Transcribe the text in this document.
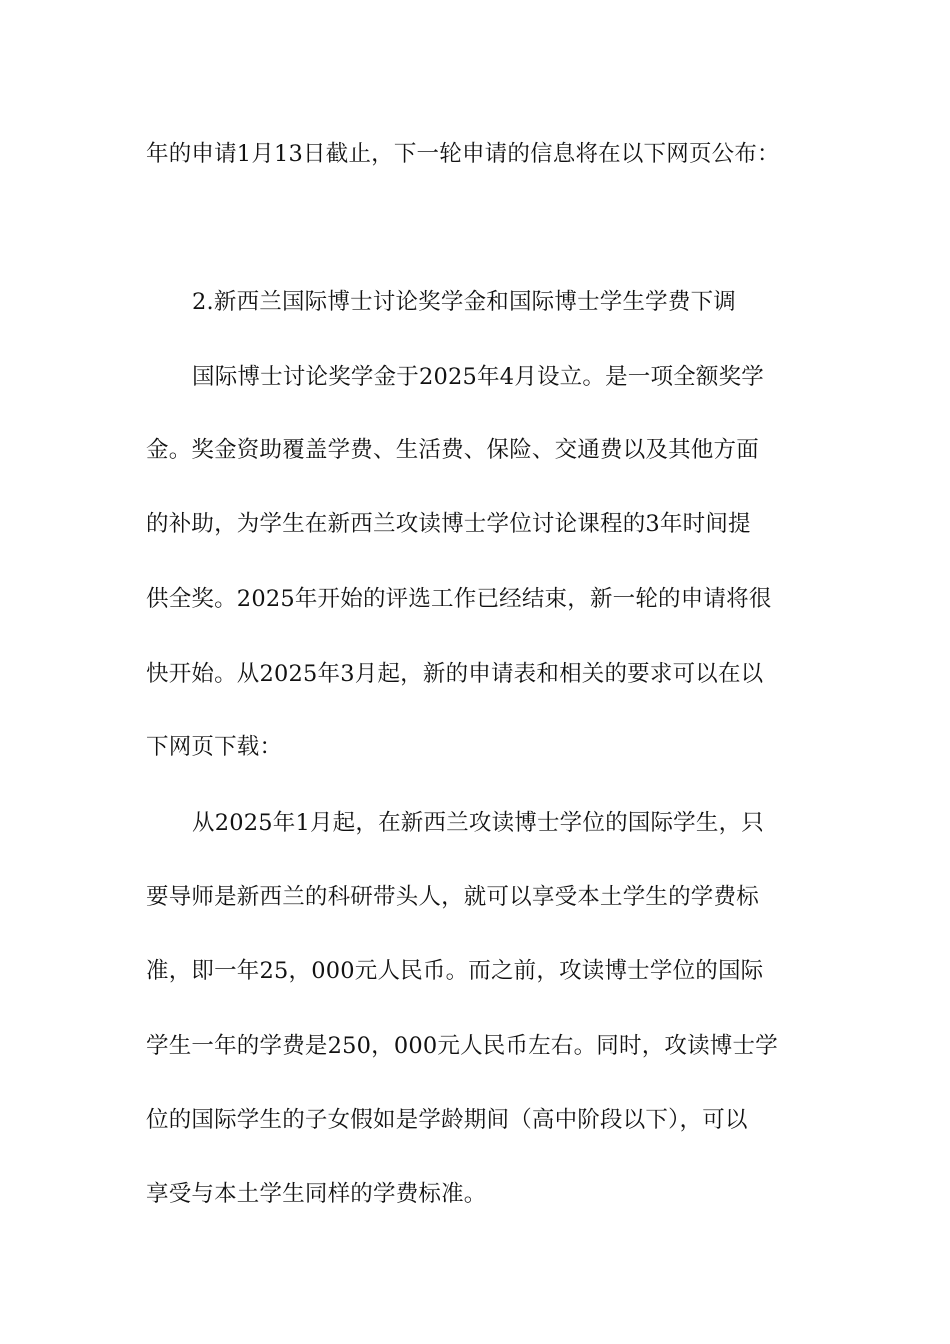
年的申请1月13日截止，下一轮申请的信息将在以下网页公布：
2.新西兰国际博士讨论奖学金和国际博士学生学费下调
国际博士讨论奖学金于2025年4月设立。是一项全额奖学
金。奖金资助覆盖学费、生活费、保险、交通费以及其他方面
的补助，为学生在新西兰攻读博士学位讨论课程的3年时间提
供全奖。2025年开始的评选工作已经结束，新一轮的申请将很
快开始。从2025年3月起，新的申请表和相关的要求可以在以
下网页下载：
从2025年1月起，在新西兰攻读博士学位的国际学生，只
要导师是新西兰的科研带头人，就可以享受本土学生的学费标
准，即一年25，000元人民币。而之前，攻读博士学位的国际
学生一年的学费是250，000元人民币左右。同时，攻读博士学
位的国际学生的子女假如是学龄期间（高中阶段以下），可以
享受与本土学生同样的学费标准。
